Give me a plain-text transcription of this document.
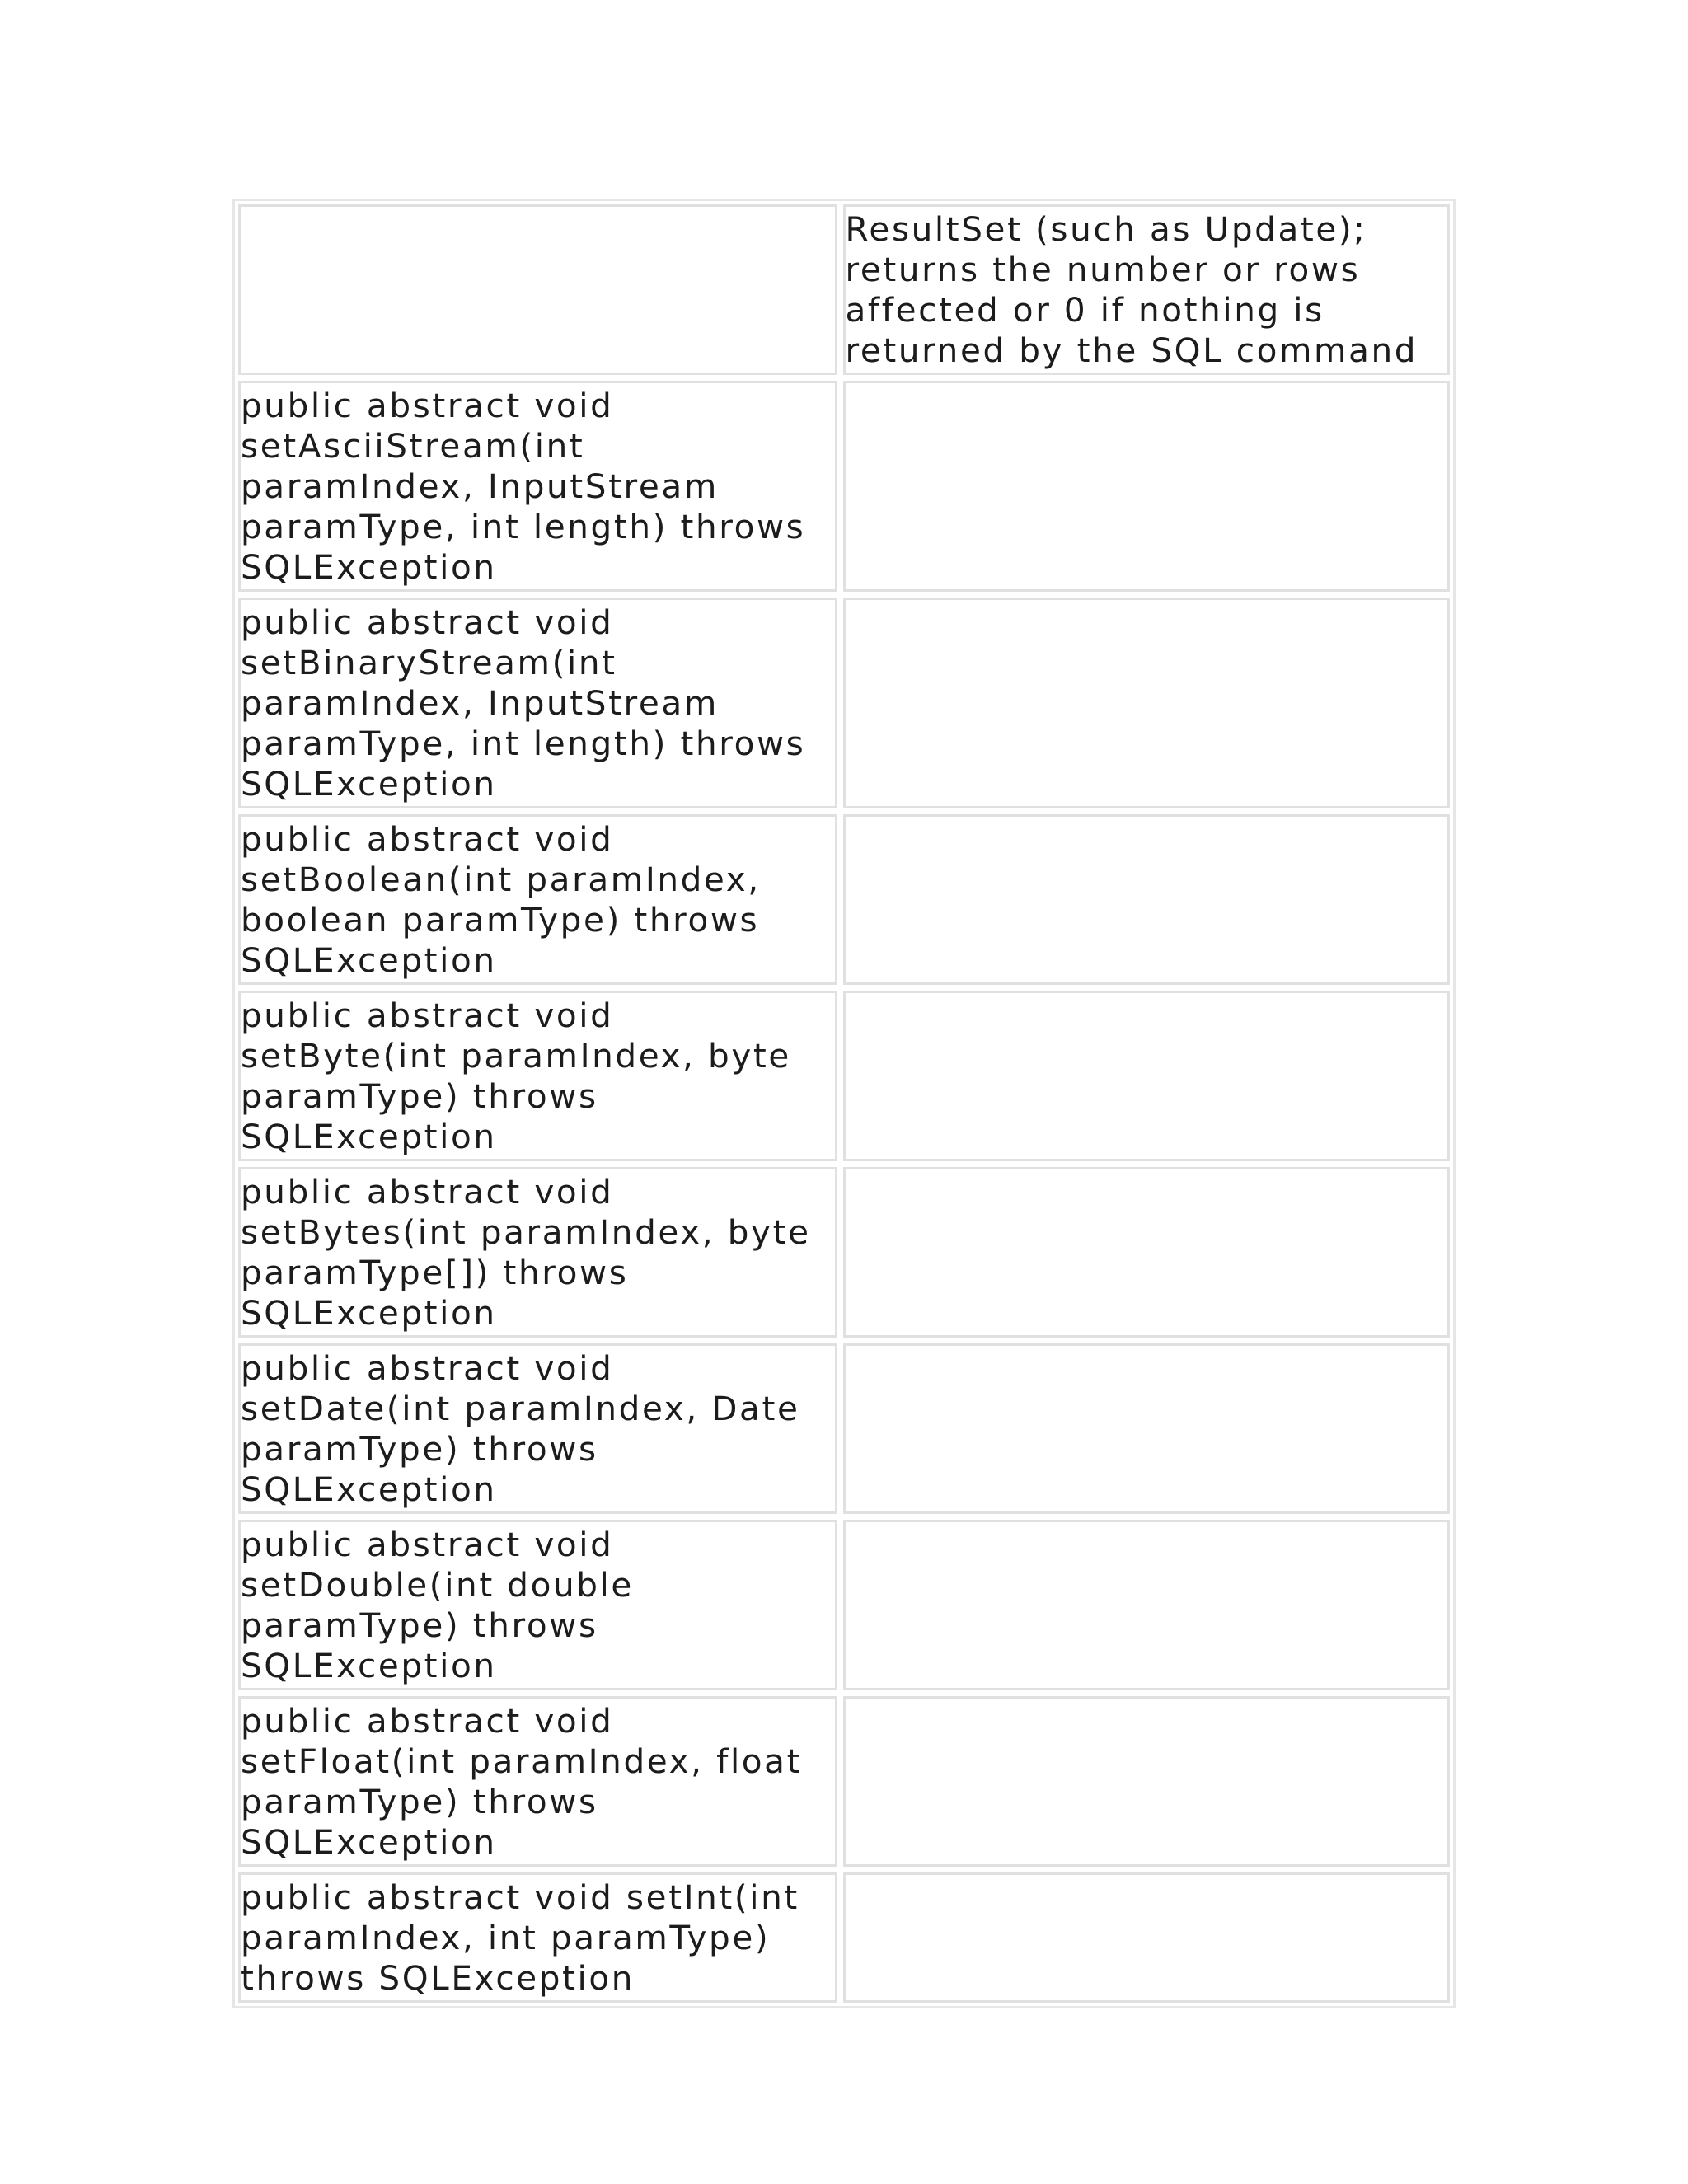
ResultSet (such as Update);
returns the number or rows
affected or 0 if nothing is
returned by the SQL command
public abstract void
setAsciiStream(int
paramIndex, InputStream
paramType, int length) throws
SQLException
public abstract void
setBinaryStream(int
paramIndex, InputStream
paramType, int length) throws
SQLException
public abstract void
setBoolean(int paramIndex,
boolean paramType) throws
SQLException
public abstract void
setByte(int paramIndex, byte
paramType) throws
SQLException
public abstract void
setBytes(int paramIndex, byte
paramType[]) throws
SQLException
public abstract void
setDate(int paramIndex, Date
paramType) throws
SQLException
public abstract void
setDouble(int double
paramType) throws
SQLException
public abstract void
setFloat(int paramIndex, float
paramType) throws
SQLException
public abstract void setInt(int
paramIndex, int paramType)
throws SQLException
